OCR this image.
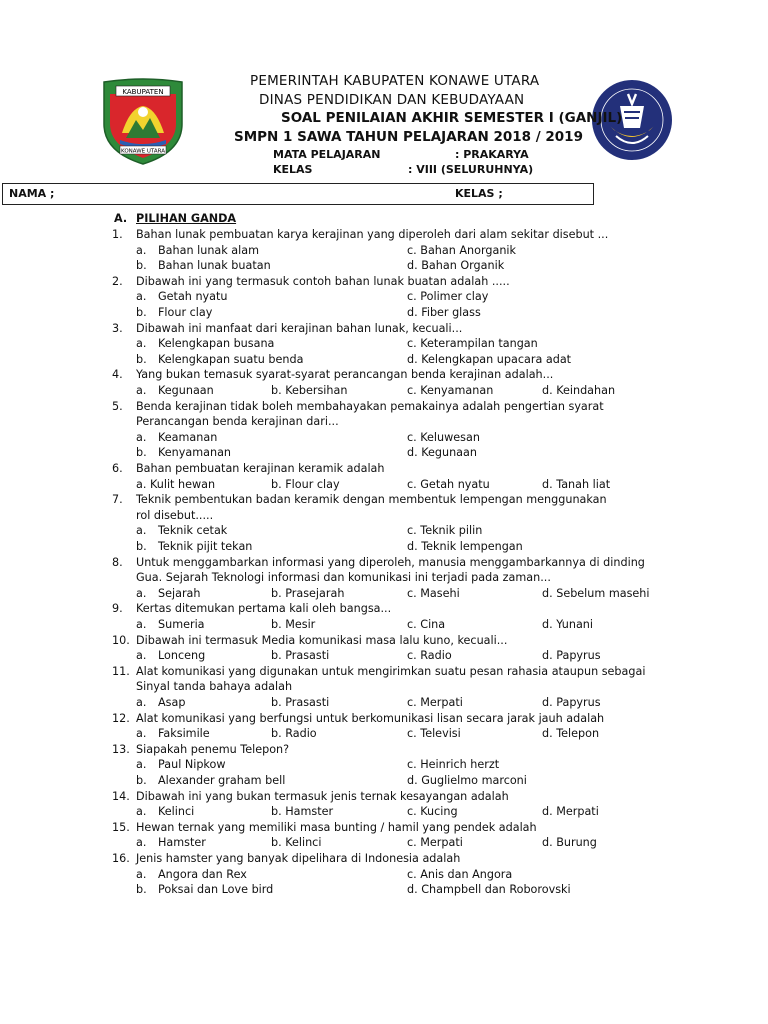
KABUPATEN
KONAWE UTARA
PEMERINTAH KABUPATEN KONAWE UTARA
DINAS PENDIDIKAN DAN KEBUDAYAAN
SOAL PENILAIAN AKHIR SEMESTER I (GANJIL)
SMPN 1 SAWA TAHUN PELAJARAN 2018 / 2019
MATA PELAJARAN	: PRAKARYA
KELAS	: VIII (SELURUHNYA)
NAMA ;	KELAS ;
A. PILIHAN GANDA
1. Bahan lunak pembuatan karya kerajinan yang diperoleh dari alam sekitar disebut ...
a. Bahan lunak alam	c. Bahan Anorganik
b. Bahan lunak buatan	d. Bahan Organik
2. Dibawah ini yang termasuk contoh bahan lunak buatan adalah .....
a. Getah nyatu	c. Polimer clay
b. Flour clay	d. Fiber glass
3. Dibawah ini manfaat dari kerajinan bahan lunak, kecuali...
a. Kelengkapan busana	c. Keterampilan tangan
b. Kelengkapan suatu benda	d. Kelengkapan upacara adat
4. Yang bukan temasuk syarat-syarat perancangan benda kerajinan adalah...
a. Kegunaan	b. Kebersihan	c. Kenyamanan	d. Keindahan
5. Benda kerajinan tidak boleh membahayakan pemakainya adalah pengertian syarat
Perancangan benda kerajinan dari...
a. Keamanan	c. Keluwesan
b. Kenyamanan	d. Kegunaan
6. Bahan pembuatan kerajinan keramik adalah
a. Kulit hewan	b. Flour clay	c. Getah nyatu	d. Tanah liat
7. Teknik pembentukan badan keramik dengan membentuk lempengan menggunakan
rol disebut.....
a. Teknik cetak	c. Teknik pilin
b. Teknik pijit tekan	d. Teknik lempengan
8. Untuk menggambarkan informasi yang diperoleh, manusia menggambarkannya di dinding
Gua. Sejarah Teknologi informasi dan komunikasi ini terjadi pada zaman...
a. Sejarah	b. Prasejarah	c. Masehi	d. Sebelum masehi
9. Kertas ditemukan pertama kali oleh bangsa...
a. Sumeria	b. Mesir	c. Cina	d. Yunani
10. Dibawah ini termasuk Media komunikasi masa lalu kuno, kecuali...
a. Lonceng	b. Prasasti	c. Radio	d. Papyrus
11. Alat komunikasi yang digunakan untuk mengirimkan suatu pesan rahasia ataupun sebagai
Sinyal tanda bahaya adalah
a. Asap	b. Prasasti	c. Merpati	d. Papyrus
12. Alat komunikasi yang berfungsi untuk berkomunikasi lisan secara jarak jauh adalah
a. Faksimile	b. Radio	c. Televisi	d. Telepon
13. Siapakah penemu Telepon?
a. Paul Nipkow	c. Heinrich herzt
b. Alexander graham bell	d. Guglielmo marconi
14. Dibawah ini yang bukan termasuk jenis ternak kesayangan adalah
a. Kelinci	b. Hamster	c. Kucing	d. Merpati
15. Hewan ternak yang memiliki masa bunting / hamil yang pendek adalah
a. Hamster	b. Kelinci	c. Merpati	d. Burung
16. Jenis hamster yang banyak dipelihara di Indonesia adalah
a. Angora dan Rex	c. Anis dan Angora
b. Poksai dan Love bird	d. Champbell dan Roborovski
